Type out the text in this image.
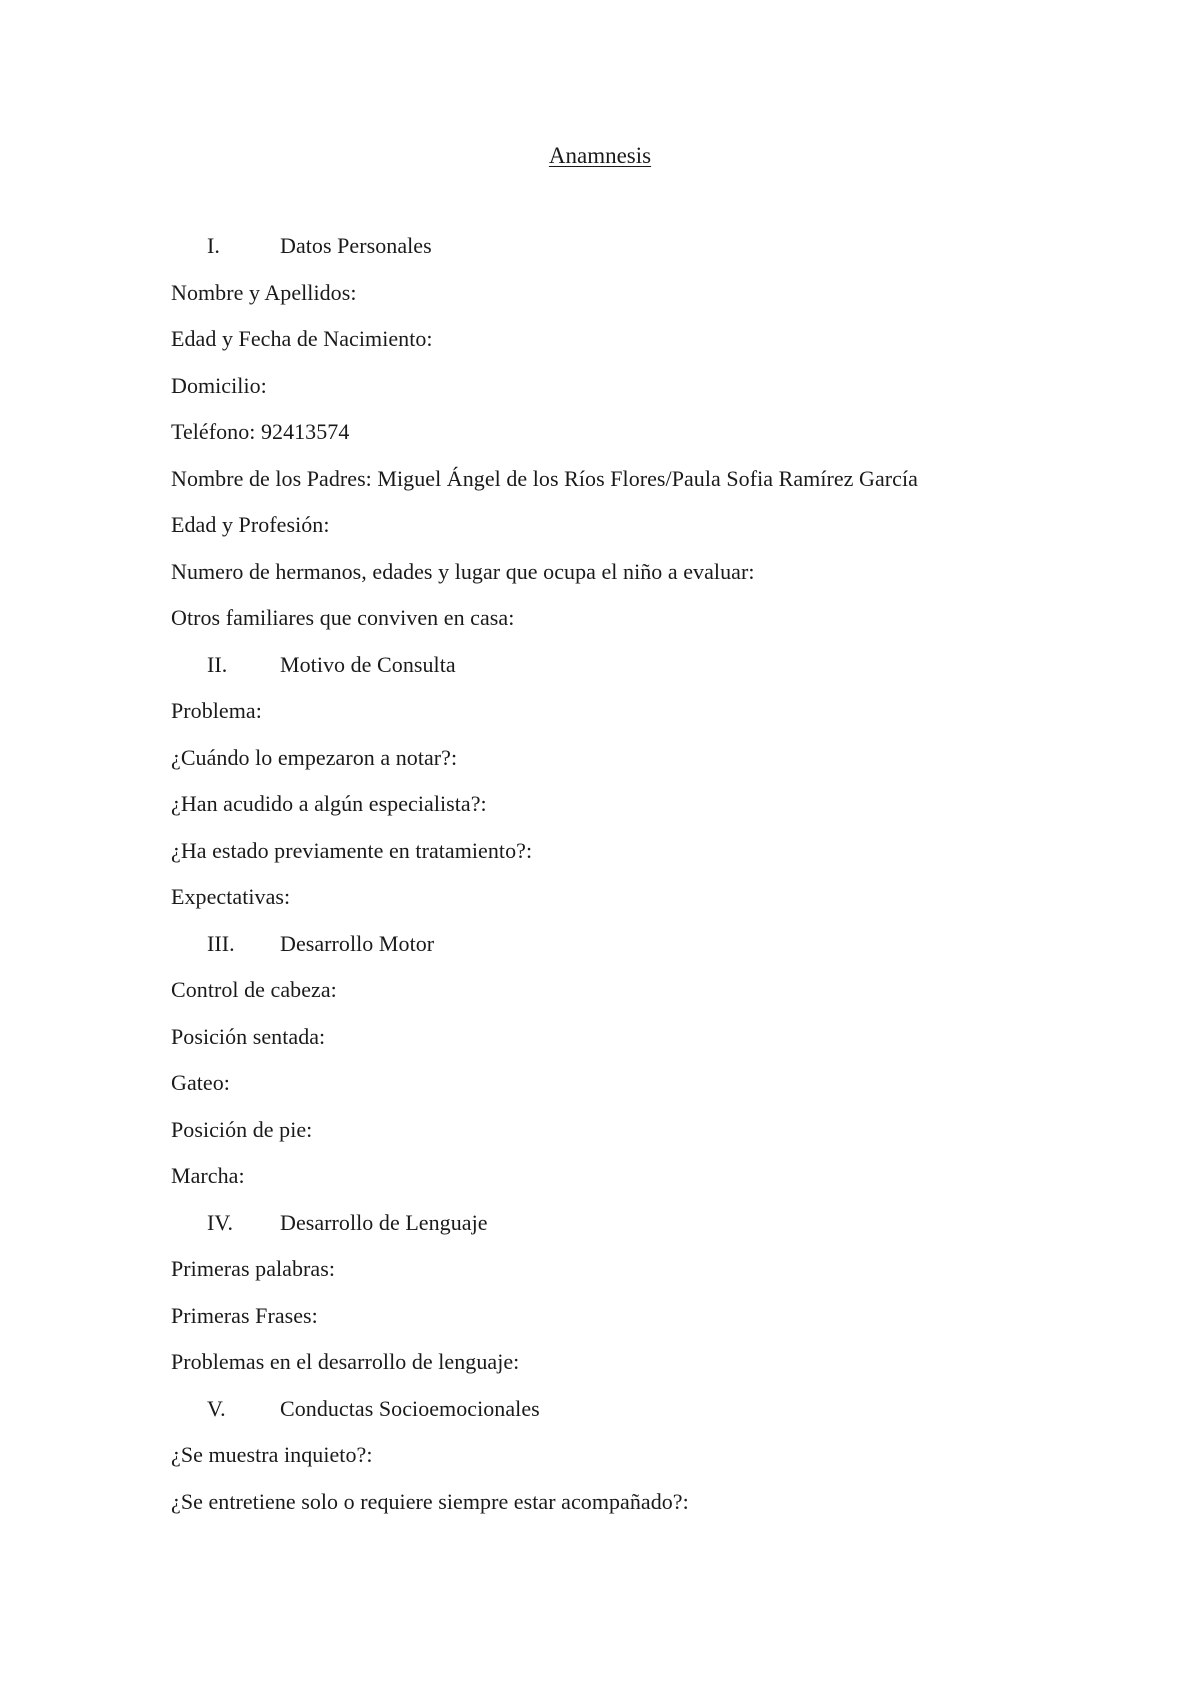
Anamnesis
I.	Datos Personales
Nombre y Apellidos:
Edad y Fecha de Nacimiento:
Domicilio:
Teléfono: 92413574
Nombre de los Padres: Miguel Ángel de los Ríos Flores/Paula Sofia Ramírez García
Edad y Profesión:
Numero de hermanos, edades y lugar que ocupa el niño a evaluar:
Otros familiares que conviven en casa:
II. Motivo de Consulta
Problema:
¿Cuándo lo empezaron a notar?:
¿Han acudido a algún especialista?:
¿Ha estado previamente en tratamiento?:
Expectativas:
III. Desarrollo Motor
Control de cabeza:
Posición sentada:
Gateo:
Posición de pie:
Marcha:
IV. Desarrollo de Lenguaje
Primeras palabras:
Primeras Frases:
Problemas en el desarrollo de lenguaje:
V. Conductas Socioemocionales
¿Se muestra inquieto?:
¿Se entretiene solo o requiere siempre estar acompañado?:
